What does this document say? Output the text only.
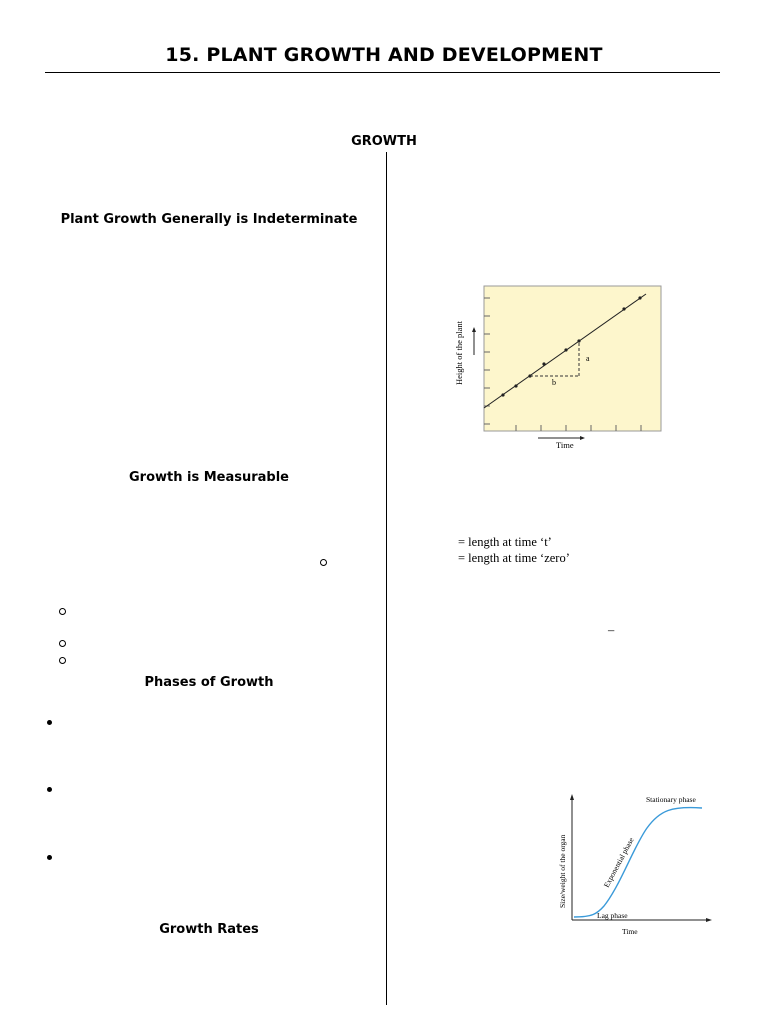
15. PLANT GROWTH AND DEVELOPMENT
GROWTH
Plant Growth Generally is Indeterminate
Growth is Measurable
Phases of Growth
Growth Rates
= length at time ‘t’
= length at time ‘zero’
–
a
b
Height of the plant
Time
Size/weight of the organ
Time
Lag phase
Exponential phase
Stationary phase
